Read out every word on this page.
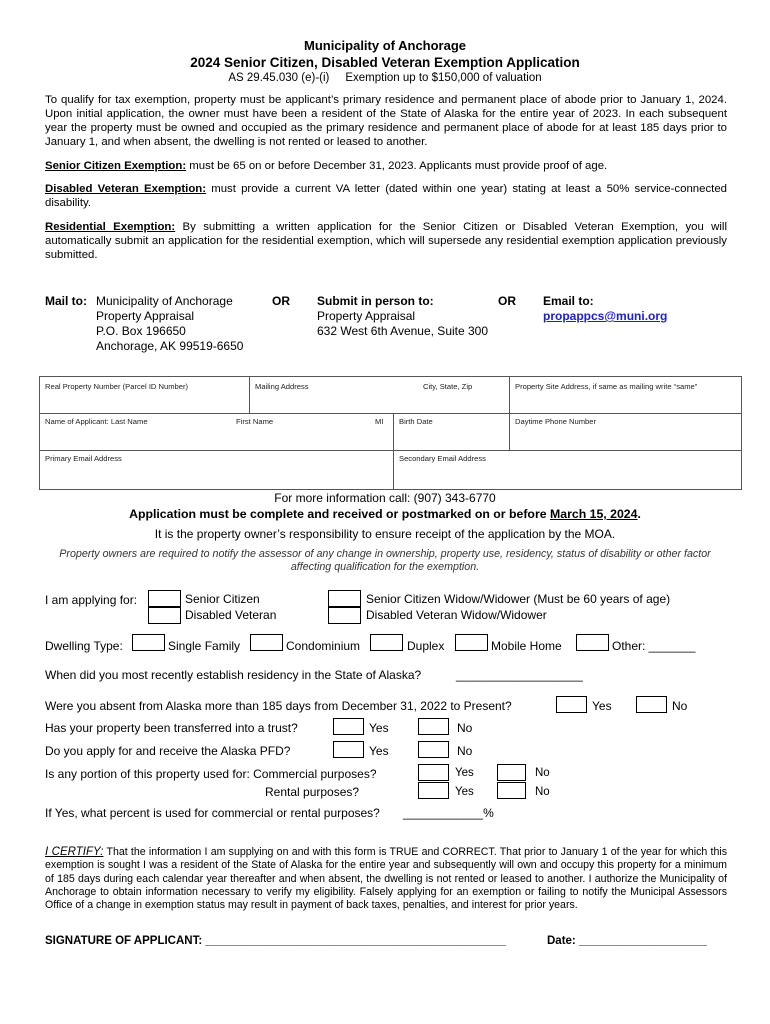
Municipality of Anchorage
2024 Senior Citizen, Disabled Veteran Exemption Application
AS 29.45.030 (e)-(i)     Exemption up to $150,000 of valuation

To qualify for tax exemption, property must be applicant’s primary residence and permanent place of abode prior to January 1, 2024. Upon initial application, the owner must have been a resident of the State of Alaska for the entire year of 2023. In each subsequent year the property must be owned and occupied as the primary residence and permanent place of abode for at least 185 days prior to January 1, and when absent, the dwelling is not rented or leased to another.

Senior Citizen Exemption: must be 65 on or before December 31, 2023. Applicants must provide proof of age.

Disabled Veteran Exemption: must provide a current VA letter (dated within one year) stating at least a 50% service-connected disability.

Residential Exemption: By submitting a written application for the Senior Citizen or Disabled Veteran Exemption, you will automatically submit an application for the residential exemption, which will supersede any residential exemption application previously submitted.

Mail to: Municipality of Anchorage
Property Appraisal
P.O. Box 196650
Anchorage, AK 99519-6650
OR Submit in person to:
Property Appraisal
632 West 6th Avenue, Suite 300
OR Email to:
propappcs@muni.org
Real Property Number (Parcel ID Number)	Mailing Address	City, State, Zip	Property Site Address, if same as mailing write “same”
Name of Applicant: Last Name	First Name	MI Birth Date	Daytime Phone Number
Primary Email Address	Secondary Email Address
For more information call: (907) 343-6770
Application must be complete and received or postmarked on or before March 15, 2024.
It is the property owner’s responsibility to ensure receipt of the application by the MOA.
Property owners are required to notify the assessor of any change in ownership, property use, residency, status of disability or other factor affecting qualification for the exemption.
I am applying for:	Senior Citizen
Disabled Veteran
Senior Citizen Widow/Widower (Must be 60 years of age)
Disabled Veteran Widow/Widower
Dwelling Type:	Single Family	Condominium	Duplex	Mobile Home	Other: _______
When did you most recently establish residency in the State of Alaska?	___________________
Were you absent from Alaska more than 185 days from December 31, 2022 to Present?	Yes	No
Has your property been transferred into a trust?	Yes	No
Do you apply for and receive the Alaska PFD?	Yes	No
Is any portion of this property used for: Commercial purposes?	Yes	No
Rental purposes?	Yes	No
If Yes, what percent is used for commercial or rental purposes? ____________%

I CERTIFY: That the information I am supplying on and with this form is TRUE and CORRECT. That prior to January 1 of the year for which this exemption is sought I was a resident of the State of Alaska for the entire year and subsequently will own and occupy this property for a minimum of 185 days during each calendar year thereafter and when absent, the dwelling is not rented or leased to another. I authorize the Municipality of Anchorage to obtain information necessary to verify my eligibility. Falsely applying for an exemption or failing to notify the Municipal Assessors Office of a change in exemption status may result in payment of back taxes, penalties, and interest for prior years.

SIGNATURE OF APPLICANT: _______________________________________________	Date: ____________________
